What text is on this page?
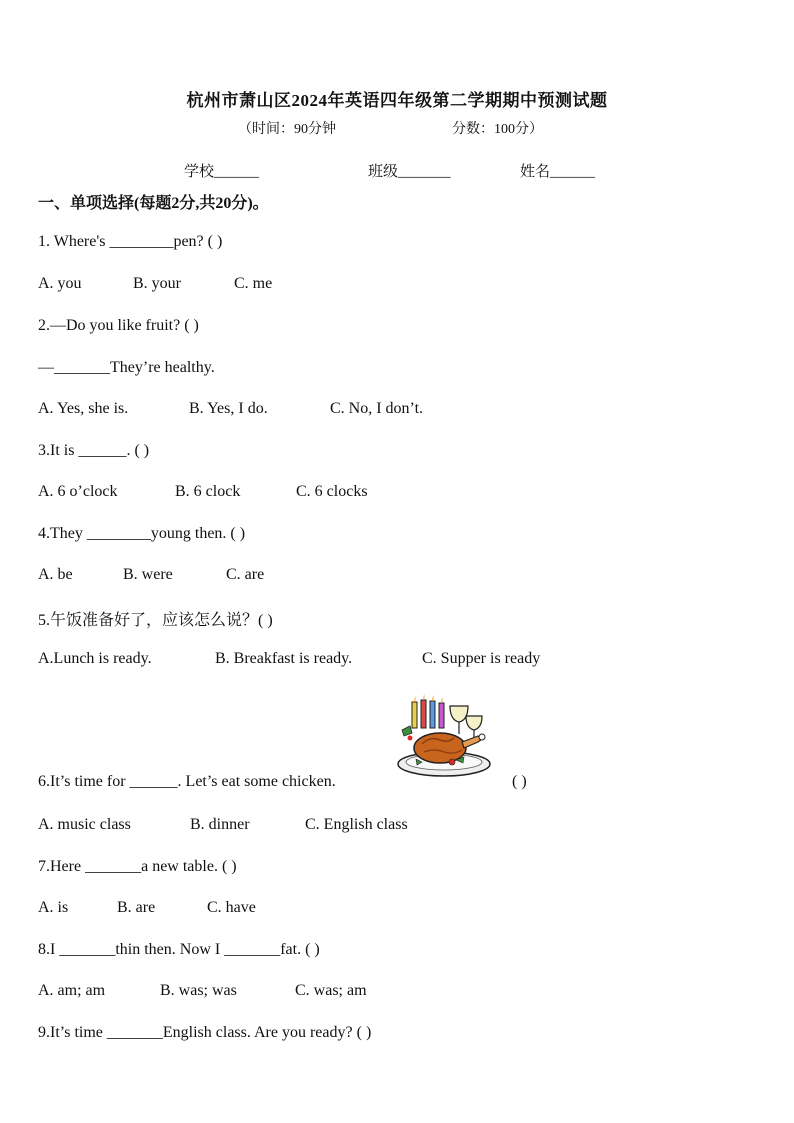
杭州市萧山区2024年英语四年级第二学期期中预测试题
（时间：90分钟	分数：100分）
学校______	班级_______	姓名______
一、单项选择(每题2分,共20分)。
1. Where's ________pen? ( )
A. you	B. your	C. me
2.—Do you like fruit? ( )
—_______They’re healthy.
A. Yes, she is.	B. Yes, I do.	C. No, I don’t.
3.It is ______. ( )
A. 6 o’clock	B. 6 clock	C. 6 clocks
4.They ________young then. ( )
A. be	B. were	C. are
5.午饭准备好了，应该怎么说？( )
A.Lunch is ready.	B. Breakfast is ready.	C. Supper is ready
6.It’s time for ______. Let’s eat some chicken.	( )
A. music class	B. dinner	C. English class
7.Here _______a new table. ( )
A. is	B. are	C. have
8.I _______thin then. Now I _______fat. ( )
A. am; am	B. was; was	C. was; am
9.It’s time _______English class. Are you ready? ( )
